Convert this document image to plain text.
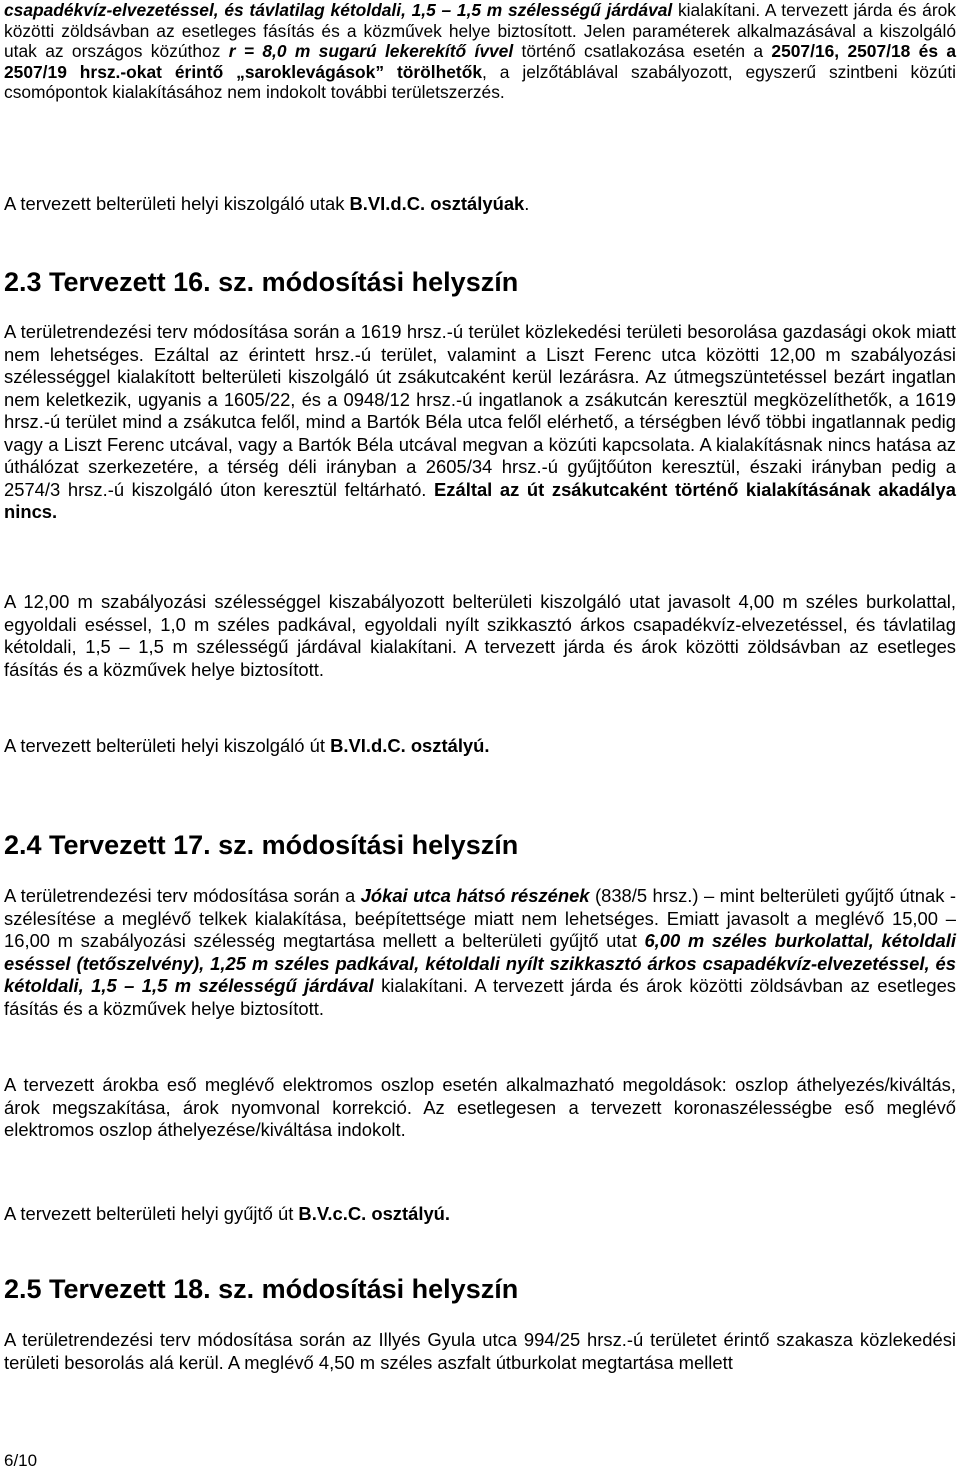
csapadékvíz-elvezetéssel, és távlatilag kétoldali, 1,5 – 1,5 m szélességű járdával kialakítani. A tervezett járda és árok közötti zöldsávban az esetleges fásítás és a közművek helye biztosított. Jelen paraméterek alkalmazásával a kiszolgáló utak az országos közúthoz r = 8,0 m sugarú lekerekítő ívvel történő csatlakozása esetén a 2507/16, 2507/18 és a 2507/19 hrsz.-okat érintő „saroklevágások” törölhetők, a jelzőtáblával szabályozott, egyszerű szintbeni közúti csomópontok kialakításához nem indokolt további területszerzés.

A tervezett belterületi helyi kiszolgáló utak B.VI.d.C. osztályúak.

2.3 Tervezett 16. sz. módosítási helyszín

A területrendezési terv módosítása során a 1619 hrsz.-ú terület közlekedési területi besorolása gazdasági okok miatt nem lehetséges. Ezáltal az érintett hrsz.-ú terület, valamint a Liszt Ferenc utca közötti 12,00 m szabályozási szélességgel kialakított belterületi kiszolgáló út zsákutcaként kerül lezárásra. Az útmegszüntetéssel bezárt ingatlan nem keletkezik, ugyanis a 1605/22, és a 0948/12 hrsz.-ú ingatlanok a zsákutcán keresztül megközelíthetők, a 1619 hrsz.-ú terület mind a zsákutca felől, mind a Bartók Béla utca felől elérhető, a térségben lévő többi ingatlannak pedig vagy a Liszt Ferenc utcával, vagy a Bartók Béla utcával megvan a közúti kapcsolata. A kialakításnak nincs hatása az úthálózat szerkezetére, a térség déli irányban a 2605/34 hrsz.-ú gyűjtőúton keresztül, északi irányban pedig a 2574/3 hrsz.-ú kiszolgáló úton keresztül feltárható. Ezáltal az út zsákutcaként történő kialakításának akadálya nincs.

A 12,00 m szabályozási szélességgel kiszabályozott belterületi kiszolgáló utat javasolt 4,00 m széles burkolattal, egyoldali eséssel, 1,0 m széles padkával, egyoldali nyílt szikkasztó árkos csapadékvíz-elvezetéssel, és távlatilag kétoldali, 1,5 – 1,5 m szélességű járdával kialakítani. A tervezett járda és árok közötti zöldsávban az esetleges fásítás és a közművek helye biztosított.

A tervezett belterületi helyi kiszolgáló út B.VI.d.C. osztályú.

2.4 Tervezett 17. sz. módosítási helyszín

A területrendezési terv módosítása során a Jókai utca hátsó részének (838/5 hrsz.) – mint belterületi gyűjtő útnak - szélesítése a meglévő telkek kialakítása, beépítettsége miatt nem lehetséges. Emiatt javasolt a meglévő 15,00 – 16,00 m szabályozási szélesség megtartása mellett a belterületi gyűjtő utat 6,00 m széles burkolattal, kétoldali eséssel (tetőszelvény), 1,25 m széles padkával, kétoldali nyílt szikkasztó árkos csapadékvíz-elvezetéssel, és kétoldali, 1,5 – 1,5 m szélességű járdával kialakítani. A tervezett járda és árok közötti zöldsávban az esetleges fásítás és a közművek helye biztosított.

A tervezett árokba eső meglévő elektromos oszlop esetén alkalmazható megoldások: oszlop áthelyezés/kiváltás, árok megszakítása, árok nyomvonal korrekció. Az esetlegesen a tervezett koronaszélességbe eső meglévő elektromos oszlop áthelyezése/kiváltása indokolt.

A tervezett belterületi helyi gyűjtő út B.V.c.C. osztályú.

2.5 Tervezett 18. sz. módosítási helyszín

A területrendezési terv módosítása során az Illyés Gyula utca 994/25 hrsz.-ú területet érintő szakasza közlekedési területi besorolás alá kerül. A meglévő 4,50 m széles aszfalt útburkolat megtartása mellett

6/10
